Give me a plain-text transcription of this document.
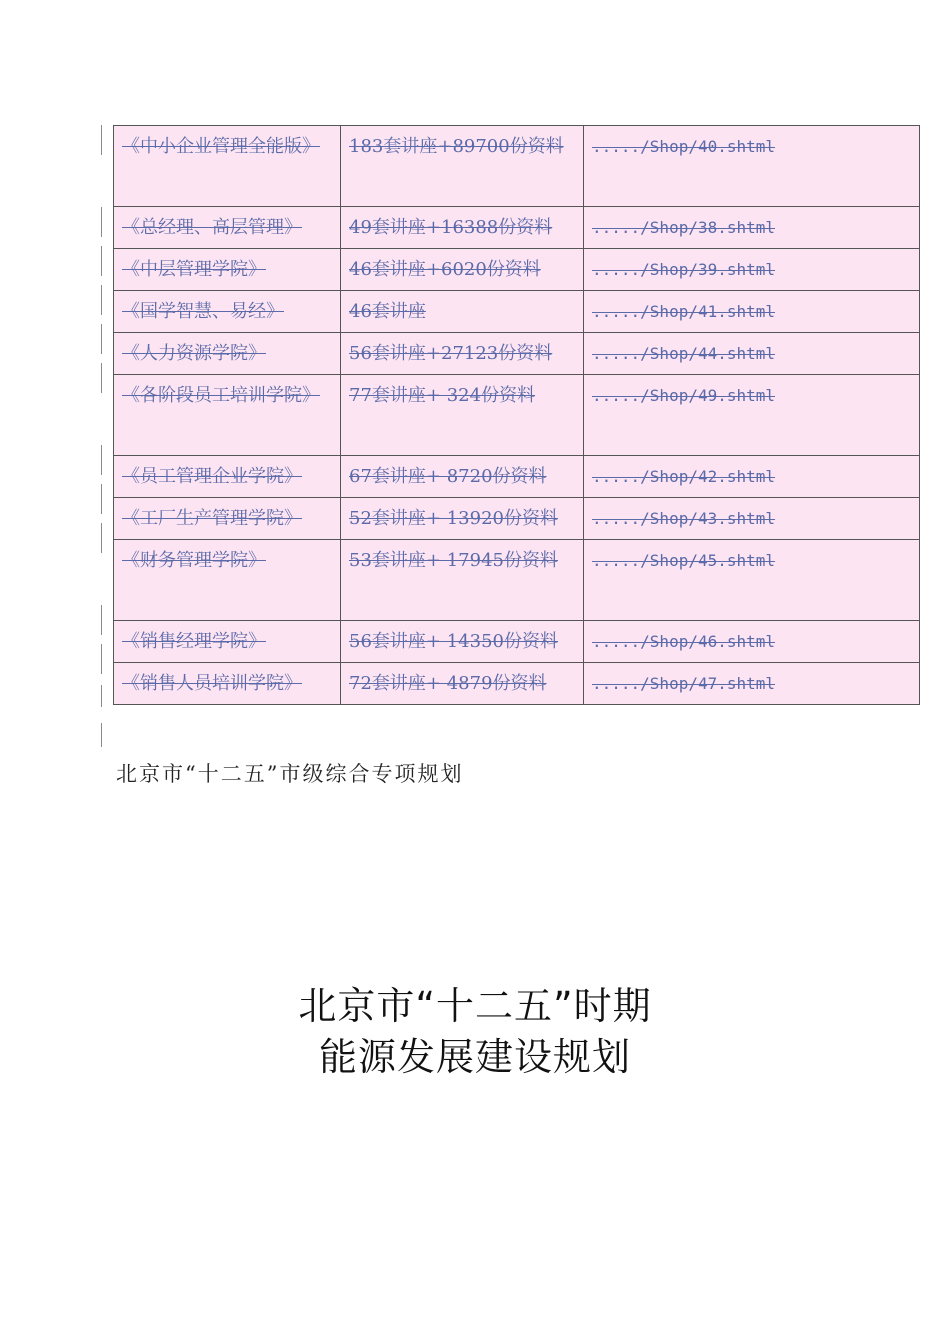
《中小企业管理全能版》	183套讲座+89700份资料	...../Shop/40.shtml
《总经理、高层管理》	49套讲座+16388份资料	...../Shop/38.shtml
《中层管理学院》	46套讲座+6020份资料	...../Shop/39.shtml
《国学智慧、易经》	46套讲座	...../Shop/41.shtml
《人力资源学院》	56套讲座+27123份资料	...../Shop/44.shtml
《各阶段员工培训学院》	77套讲座+ 324份资料	...../Shop/49.shtml
《员工管理企业学院》	67套讲座+ 8720份资料	...../Shop/42.shtml
《工厂生产管理学院》	52套讲座+ 13920份资料	...../Shop/43.shtml
《财务管理学院》	53套讲座+ 17945份资料	...../Shop/45.shtml
《销售经理学院》	56套讲座+ 14350份资料	...../Shop/46.shtml
《销售人员培训学院》	72套讲座+ 4879份资料	...../Shop/47.shtml
北京市“十二五”市级综合专项规划
北京市“十二五”时期
能源发展建设规划
